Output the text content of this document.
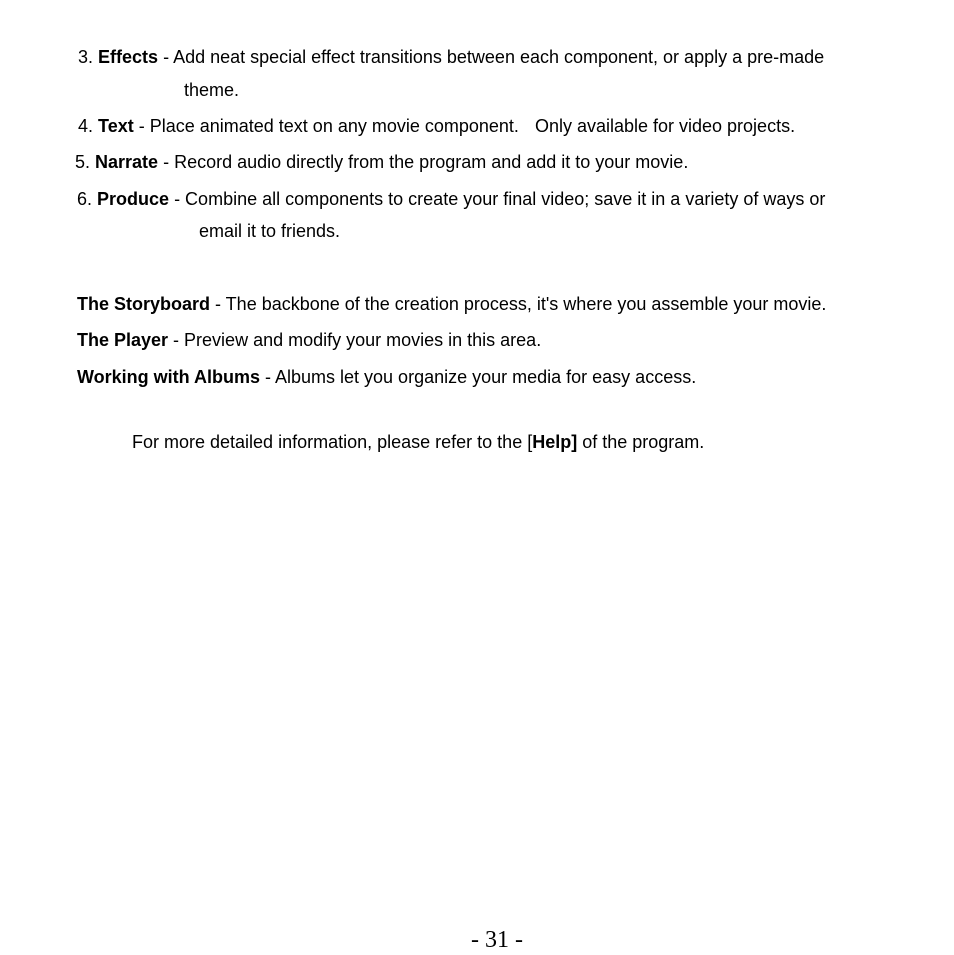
3. Effects - Add neat special effect transitions between each component, or apply a pre-made
theme.
4. Text - Place animated text on any movie component. Only available for video projects.
5. Narrate - Record audio directly from the program and add it to your movie.
6. Produce - Combine all components to create your final video; save it in a variety of ways or
email it to friends.
The Storyboard - The backbone of the creation process, it's where you assemble your movie.
The Player - Preview and modify your movies in this area.
Working with Albums - Albums let you organize your media for easy access.
For more detailed information, please refer to the [Help] of the program.
- 31 -
